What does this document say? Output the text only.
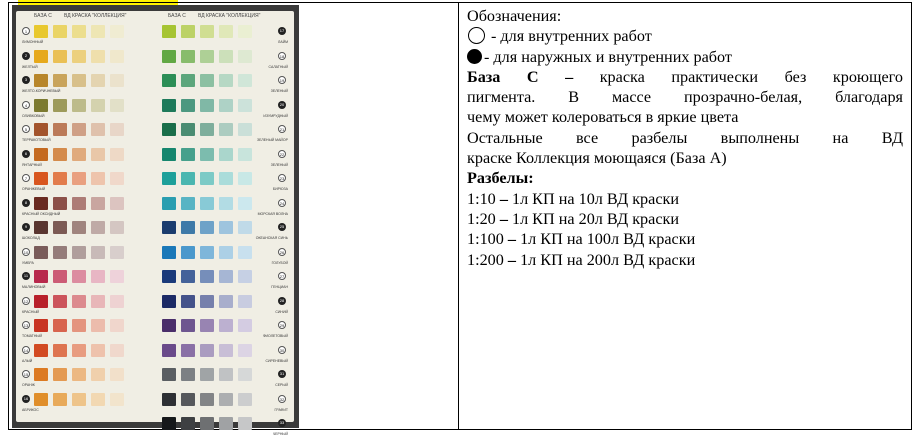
БАЗА С ВД КРАСКА "КОЛЛЕКЦИЯ"	БАЗА С ВД КРАСКА "КОЛЛЕКЦИЯ"
1
ЛИМОННЫЙ
2
ЖЕЛТЫЙ
3
ЖЕЛТО-КОРИЧНЕВЫЙ
4
ОЛИВКОВЫЙ
5
ТЕРРАКОТОВЫЙ
6
ЯНТАРНЫЙ
7
ОРАНЖЕВЫЙ
8
КРАСНЫЙ ОКСИДНЫЙ
9
ШОКОЛАД
10
УМБРА
11
МАЛИНОВЫЙ
12
КРАСНЫЙ
13
ТОМАТНЫЙ
14
АЛЫЙ
15
ОРАНЖ
16
АБРИКОС
17
ЛАЙМ
18
САЛАТНЫЙ
19
ЗЕЛЕНЫЙ
20
ИЗУМРУДНЫЙ
21
ЗЕЛЕНЫЙ МАЙОР
22
ЗЕЛЕНЫЙ
23
БИРЮЗА
24
МОРСКАЯ ВОЛНА
25
ОКЕАНСКАЯ СИНЬ
26
ГОЛУБОЙ
27
ГЕНЦИАН
28
СИНИЙ
29
ФИОЛЕТОВЫЙ
30
СИРЕНЕВЫЙ
31
СЕРЫЙ
32
ГРАФИТ
33
ЧЕРНЫЙ

Обозначения:

- для внутренних работ

- для наружных и внутренних работ

База С – краска практически без кроющего

пигмента. В массе прозрачно-белая, благодаря

чему может колероваться в яркие цвета

Остальные все разбелы выполнены на ВД

краске Коллекция моющаяся (База А)

Разбелы:

1:10 – 1л КП на 10л ВД краски

1:20 – 1л КП на 20л ВД краски

1:100 – 1л КП на 100л ВД краски

1:200 – 1л КП на 200л ВД краски
